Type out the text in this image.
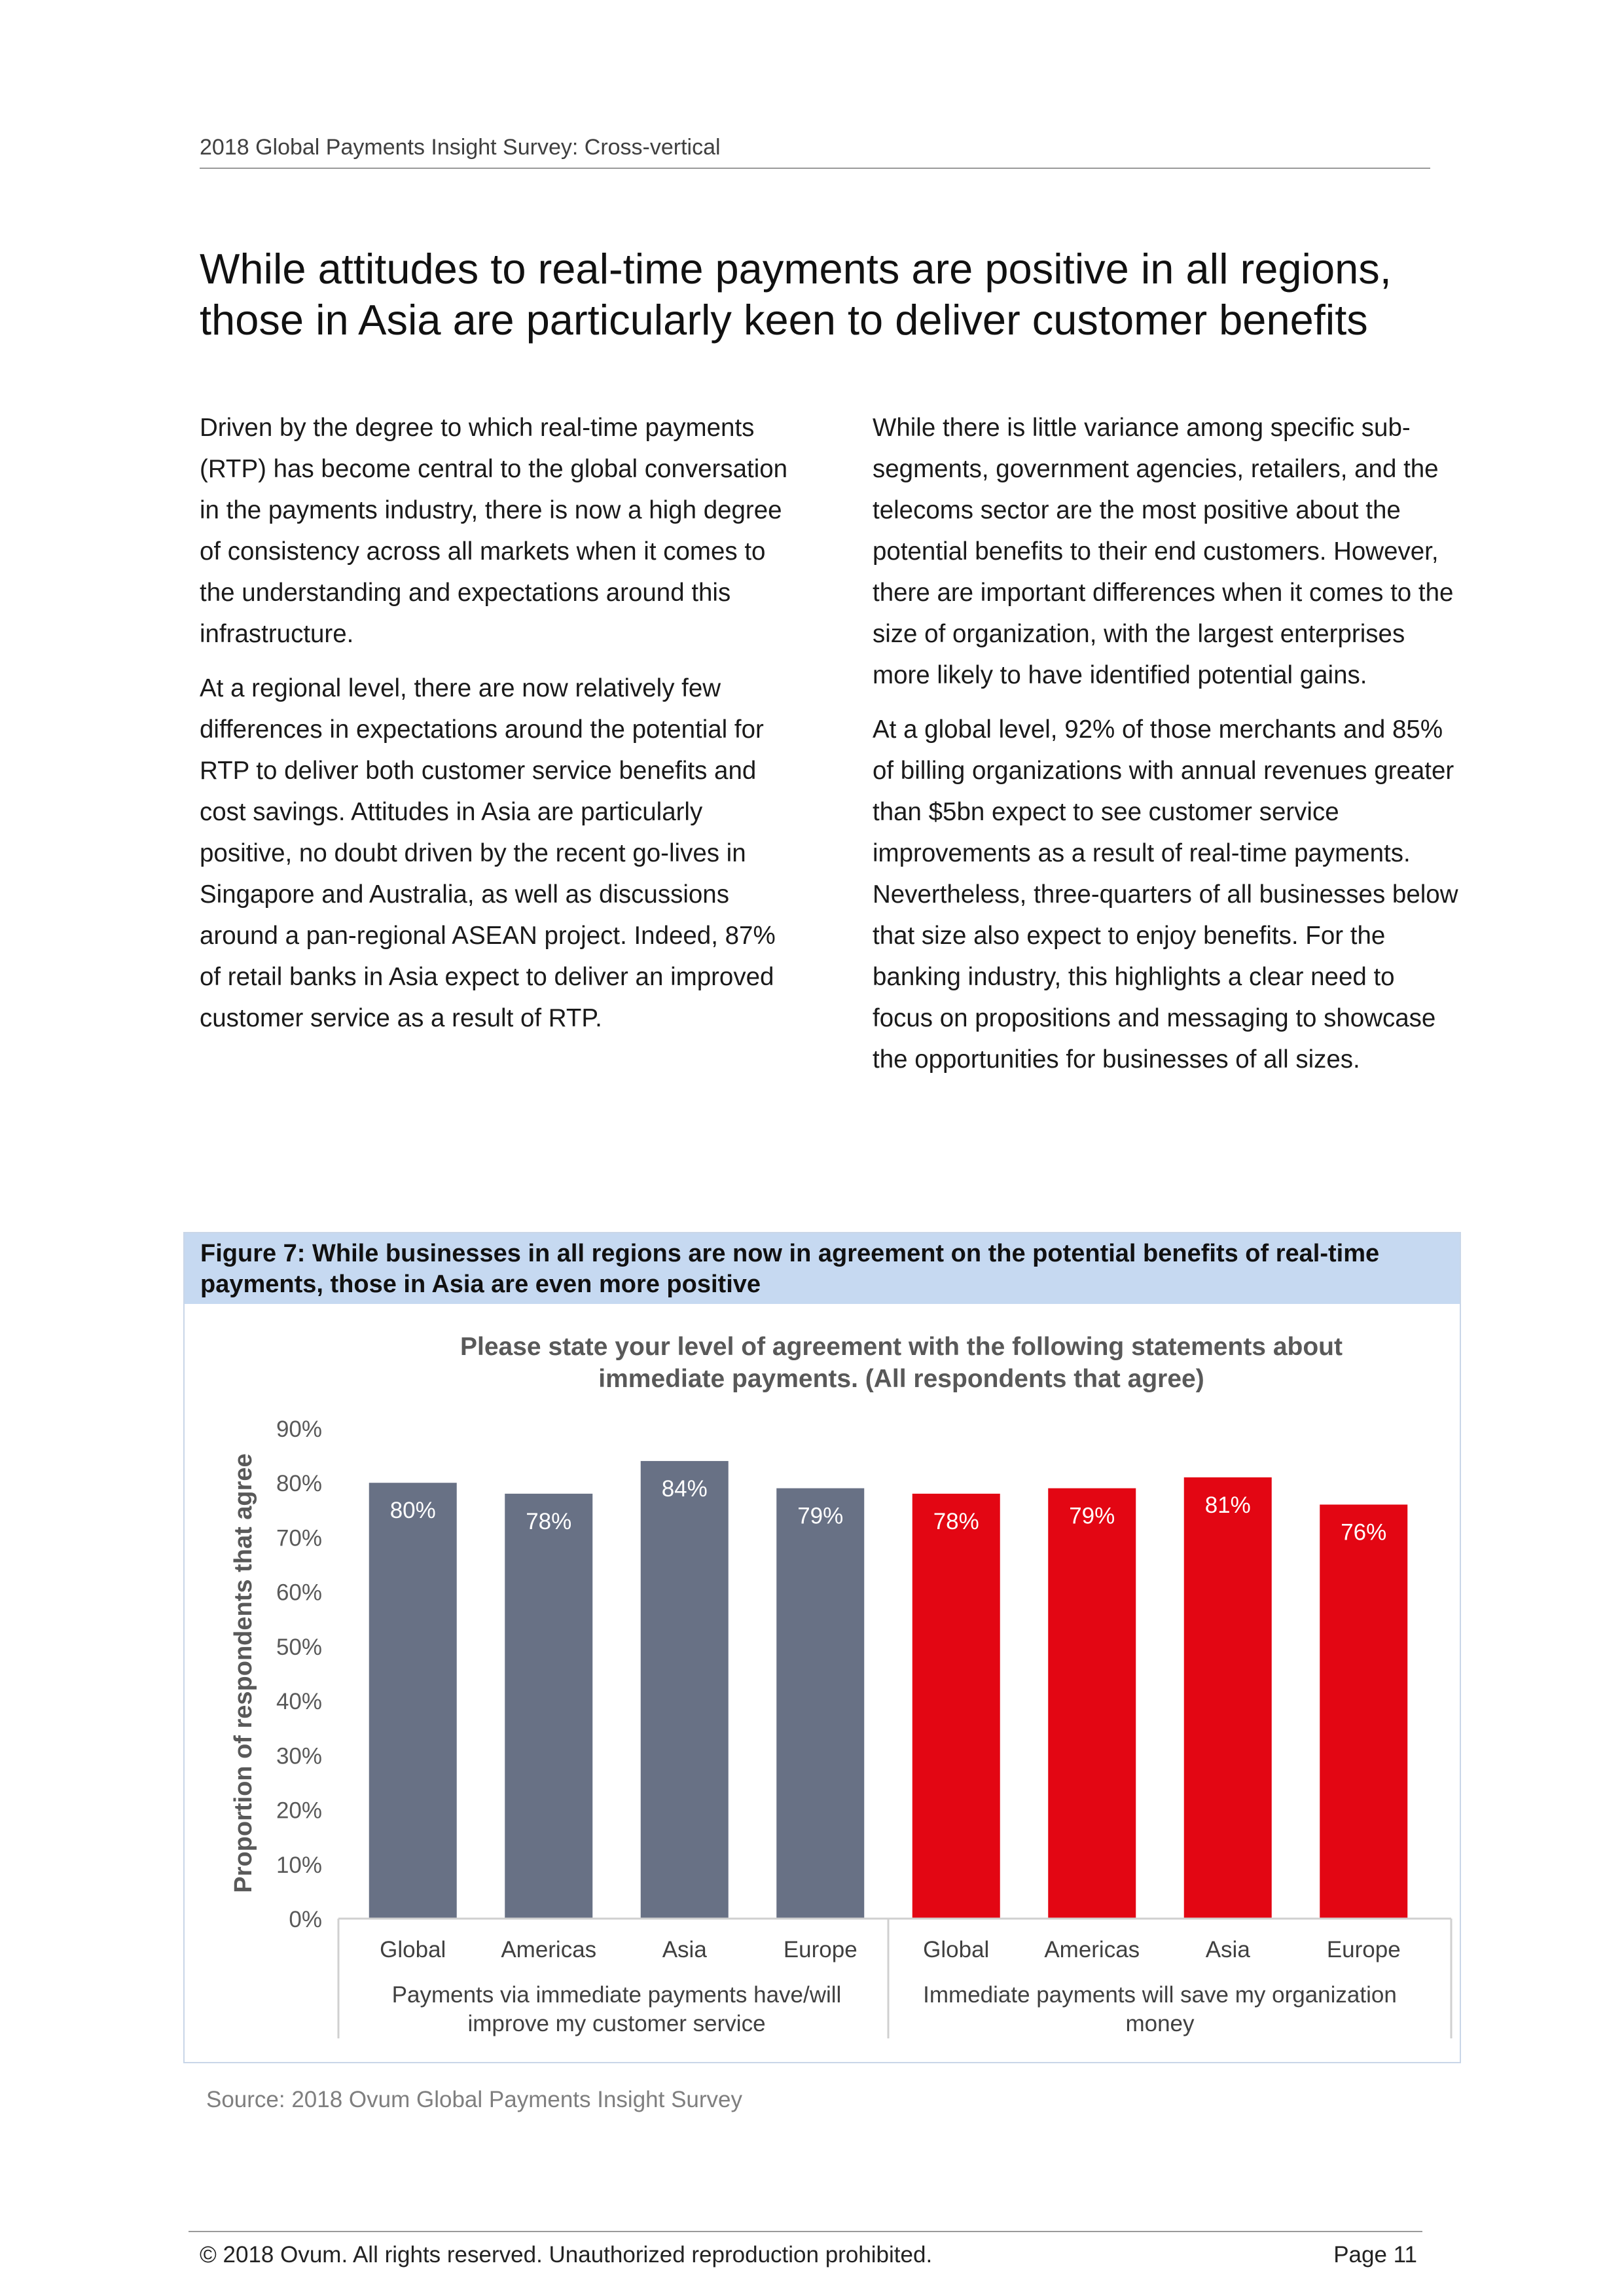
2018 Global Payments Insight Survey: Cross-vertical
While attitudes to real-time payments are positive in all regions, those in Asia are particularly keen to deliver customer benefits

Driven by the degree to which real-time payments (RTP) has become central to the global conversation in the payments industry, there is now a high degree of consistency across all markets when it comes to the understanding and expectations around this infrastructure.

At a regional level, there are now relatively few differences in expectations around the potential for RTP to deliver both customer service benefits and cost savings. Attitudes in Asia are particularly positive, no doubt driven by the recent go-lives in Singapore and Australia, as well as discussions around a pan-regional ASEAN project. Indeed, 87% of retail banks in Asia expect to deliver an improved customer service as a result of RTP.

While there is little variance among specific sub-segments, government agencies, retailers, and the telecoms sector are the most positive about the potential benefits to their end customers. However, there are important differences when it comes to the size of organization, with the largest enterprises more likely to have identified potential gains.

At a global level, 92% of those merchants and 85% of billing organizations with annual revenues greater than $5bn expect to see customer service improvements as a result of real-time payments. Nevertheless, three-quarters of all businesses below that size also expect to enjoy benefits. For the banking industry, this highlights a clear need to focus on propositions and messaging to showcase the opportunities for businesses of all sizes.

Figure 7: While businesses in all regions are now in agreement on the potential benefits of real-time payments, those in Asia are even more positive
Please state your level of agreement with the following statements about
immediate payments. (All respondents that agree)
Proportion of respondents that agree
0%
10%
20%
30%
40%
50%
60%
70%
80%
90%
80%
Global
78%
Americas
84%
Asia
79%
Europe
78%
Global
79%
Americas
81%
Asia
76%
Europe
Payments via immediate payments have/will
improve my customer service
Immediate payments will save my organization
money
Source: 2018 Ovum Global Payments Insight Survey
© 2018 Ovum. All rights reserved. Unauthorized reproduction prohibited.	Page 11
